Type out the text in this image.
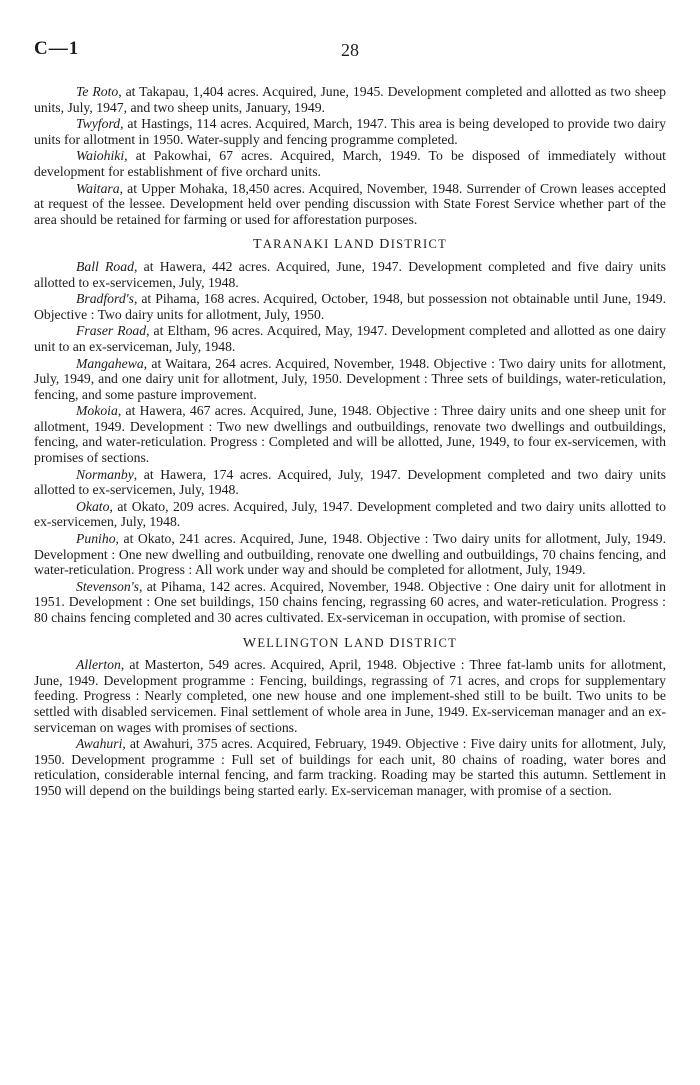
C—1	28

Te Roto, at Takapau, 1,404 acres. Acquired, June, 1945. Development completed and allotted as two sheep units, July, 1947, and two sheep units, January, 1949.

Twyford, at Hastings, 114 acres. Acquired, March, 1947. This area is being developed to provide two dairy units for allotment in 1950. Water-supply and fencing programme completed.

Waiohiki, at Pakowhai, 67 acres. Acquired, March, 1949. To be disposed of immediately without development for establishment of five orchard units.

Waitara, at Upper Mohaka, 18,450 acres. Acquired, November, 1948. Surrender of Crown leases accepted at request of the lessee. Development held over pending discussion with State Forest Service whether part of the area should be retained for farming or used for afforestation purposes.

TARANAKI LAND DISTRICT

Ball Road, at Hawera, 442 acres. Acquired, June, 1947. Development completed and five dairy units allotted to ex-servicemen, July, 1948.

Bradford's, at Pihama, 168 acres. Acquired, October, 1948, but possession not obtainable until June, 1949. Objective : Two dairy units for allotment, July, 1950.

Fraser Road, at Eltham, 96 acres. Acquired, May, 1947. Development completed and allotted as one dairy unit to an ex-serviceman, July, 1948.

Mangahewa, at Waitara, 264 acres. Acquired, November, 1948. Objective : Two dairy units for allotment, July, 1949, and one dairy unit for allotment, July, 1950. Development : Three sets of buildings, water-reticulation, fencing, and some pasture improvement.

Mokoia, at Hawera, 467 acres. Acquired, June, 1948. Objective : Three dairy units and one sheep unit for allotment, 1949. Development : Two new dwellings and outbuildings, renovate two dwellings and outbuildings, fencing, and water-reticulation. Progress : Completed and will be allotted, June, 1949, to four ex-servicemen, with promises of sections.

Normanby, at Hawera, 174 acres. Acquired, July, 1947. Development completed and two dairy units allotted to ex-servicemen, July, 1948.

Okato, at Okato, 209 acres. Acquired, July, 1947. Development completed and two dairy units allotted to ex-servicemen, July, 1948.

Puniho, at Okato, 241 acres. Acquired, June, 1948. Objective : Two dairy units for allotment, July, 1949. Development : One new dwelling and outbuilding, renovate one dwelling and outbuildings, 70 chains fencing, and water-reticulation. Progress : All work under way and should be completed for allotment, July, 1949.

Stevenson's, at Pihama, 142 acres. Acquired, November, 1948. Objective : One dairy unit for allotment in 1951. Development : One set buildings, 150 chains fencing, regrassing 60 acres, and water-reticulation. Progress : 80 chains fencing completed and 30 acres cultivated. Ex-serviceman in occupation, with promise of section.

WELLINGTON LAND DISTRICT

Allerton, at Masterton, 549 acres. Acquired, April, 1948. Objective : Three fat-lamb units for allotment, June, 1949. Development programme : Fencing, buildings, regrassing of 71 acres, and crops for supplementary feeding. Progress : Nearly completed, one new house and one implement-shed still to be built. Two units to be settled with disabled servicemen. Final settlement of whole area in June, 1949. Ex-serviceman manager and an ex-serviceman on wages with promises of sections.

Awahuri, at Awahuri, 375 acres. Acquired, February, 1949. Objective : Five dairy units for allotment, July, 1950. Development programme : Full set of buildings for each unit, 80 chains of roading, water bores and reticulation, considerable internal fencing, and farm tracking. Roading may be started this autumn. Settlement in 1950 will depend on the buildings being started early. Ex-serviceman manager, with promise of a section.
